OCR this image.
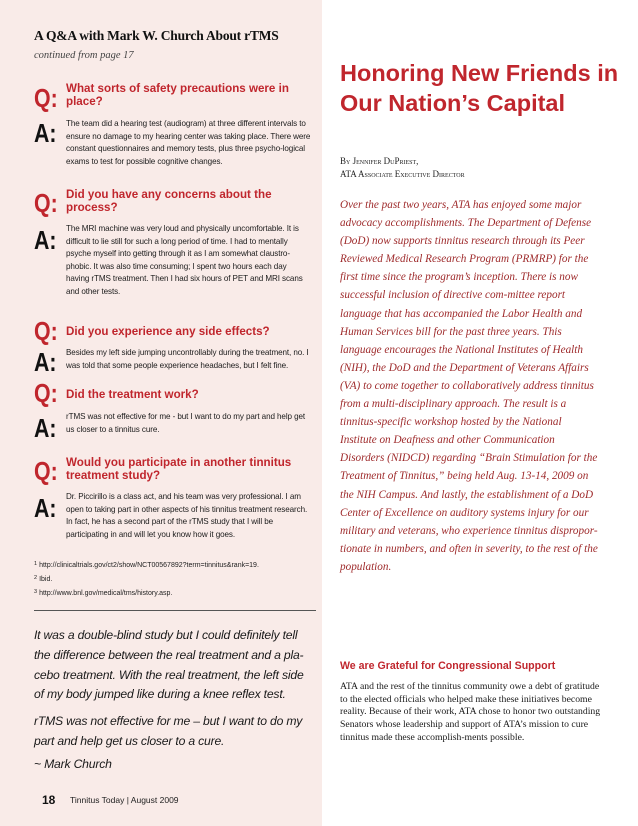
A Q&A with Mark W. Church About rTMS
continued from page 17
Q: What sorts of safety precautions were in place?
A: The team did a hearing test (audiogram) at three different intervals to ensure no damage to my hearing center was taking place. There were constant questionnaires and memory tests, plus three psycho-logical exams to test for possible cognitive changes.
Q: Did you have any concerns about the process?
A: The MRI machine was very loud and physically uncomfortable. It is difficult to lie still for such a long period of time. I had to mentally psyche myself into getting through it as I am somewhat claustro-phobic. It was also time consuming; I spent two hours each day having rTMS treatment. Then I had six hours of PET and MRI scans and other tests.
Q: Did you experience any side effects?
A: Besides my left side jumping uncontrollably during the treatment, no. I was told that some people experience headaches, but I felt fine.
Q: Did the treatment work?
A: rTMS was not effective for me - but I want to do my part and help get us closer to a tinnitus cure.
Q: Would you participate in another tinnitus treatment study?
A: Dr. Piccirillo is a class act, and his team was very professional. I am open to taking part in other aspects of his tinnitus treatment research. In fact, he has a second part of the rTMS study that I will be participating in and will let you know how it goes.
$^1$ http://clinicaltrials.gov/ct2/show/NCT00567892?term=tinnitus&rank=19.
$^2$ Ibid.
$^3$ http://www.bnl.gov/medical/tms/history.asp.
It was a double-blind study but I could definitely tell the difference between the real treatment and a pla-cebo treatment. With the real treatment, the left side of my body jumped like during a knee reflex test.
rTMS was not effective for me – but I want to do my part and help get us closer to a cure.
~ Mark Church
18 Tinnitus Today | August 2009
Honoring New Friends in Our Nation’s Capital
By Jennifer DuPriest,
ATA Associate Executive Director
Over the past two years, ATA has enjoyed some major advocacy accomplishments. The Department of Defense (DoD) now supports tinnitus research through its Peer Reviewed Medical Research Program (PRMRP) for the first time since the program’s inception. There is now successful inclusion of directive com-mittee report language that has accompanied the Labor Health and Human Services bill for the past three years. This language encourages the National Institutes of Health (NIH), the DoD and the Department of Veterans Affairs (VA) to come together to collaboratively address tinnitus from a multi-disciplinary approach. The result is a tinnitus-specific workshop hosted by the National Institute on Deafness and other Communication Disorders (NIDCD) regarding “Brain Stimulation for the Treatment of Tinnitus,” being held Aug. 13-14, 2009 on the NIH Campus. And lastly, the establishment of a DoD Center of Excellence on auditory systems injury for our military and veterans, who experience tinnitus dispropor-tionate in numbers, and often in severity, to the rest of the population.
We are Grateful for Congressional Support
ATA and the rest of the tinnitus community owe a debt of gratitude to the elected officials who helped make these initiatives become reality. Because of their work, ATA chose to honor two outstanding Senators whose leadership and support of ATA’s mission to cure tinnitus made these accomplish-ments possible.
